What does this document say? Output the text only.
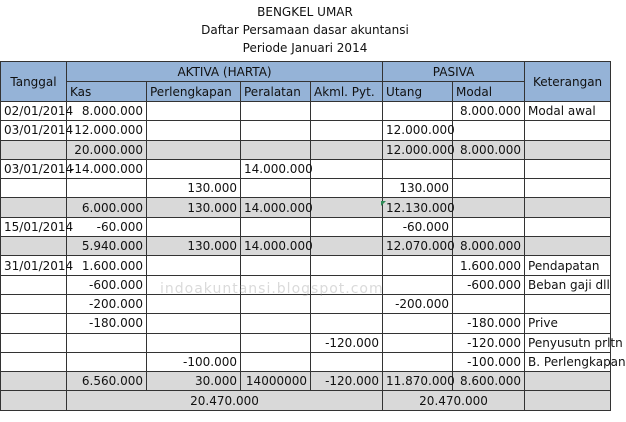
BENGKEL UMAR
Daftar Persamaan dasar akuntansi
Periode Januari 2014
Tanggal	AKTIVA (HARTA)				PASIVA		Keterangan
	Kas	Perlengkapan	Peralatan	Akml. Pyt.	Utang	Modal	
02/01/2014	8.000.000					8.000.000	Modal awal
03/01/2014	12.000.000				12.000.000		
	20.000.000				12.000.000	8.000.000	
03/01/2014	-14.000.000		14.000.000				
		130.000			130.000		
	6.000.000	130.000	14.000.000		12.130.000		
15/01/2014	-60.000				-60.000		
	5.940.000	130.000	14.000.000		12.070.000	8.000.000	
31/01/2014	1.600.000					1.600.000	Pendapatan
	-600.000					-600.000	Beban gaji dll
	-200.000				-200.000		
	-180.000					-180.000	Prive
				-120.000		-120.000	Penyusutn prltn
		-100.000				-100.000	B. Perlengkapan
	6.560.000	30.000	14000000	-120.000	11.870.000	8.600.000	
	20.470.000				20.470.000		
indoakuntansi.blogspot.com
